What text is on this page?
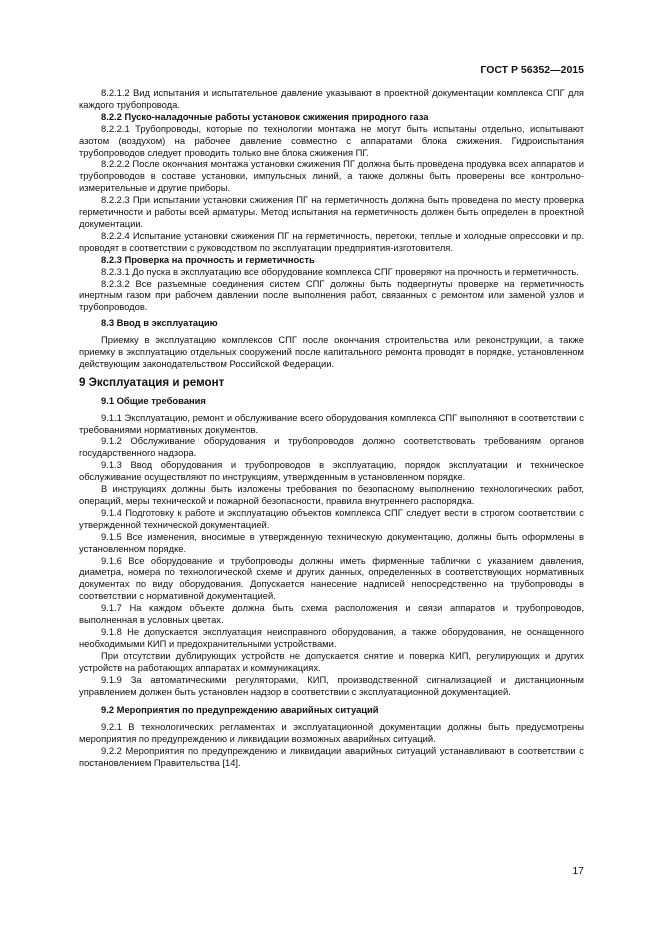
ГОСТ Р 56352—2015

8.2.1.2 Вид испытания и испытательное давление указывают в проектной документации комплекса СПГ для каждого трубопровода.

8.2.2 Пуско-наладочные работы установок сжижения природного газа

8.2.2.1 Трубопроводы, которые по технологии монтажа не могут быть испытаны отдельно, испытывают азотом (воздухом) на рабочее давление совместно с аппаратами блока сжижения. Гидроиспытания трубопроводов следует проводить только вне блока сжижения ПГ.

8.2.2.2 После окончания монтажа установки сжижения ПГ должна быть проведена продувка всех аппаратов и трубопроводов в составе установки, импульсных линий, а также должны быть проверены все контрольно-измерительные и другие приборы.

8.2.2.3 При испытании установки сжижения ПГ на герметичность должна быть проведена по месту проверка герметичности и работы всей арматуры. Метод испытания на герметичность должен быть определен в проектной документации.

8.2.2.4 Испытание установки сжижения ПГ на герметичность, перетоки, теплые и холодные опрессовки и пр. проводят в соответствии с руководством по эксплуатации предприятия-изготовителя.

8.2.3 Проверка на прочность и герметичность

8.2.3.1 До пуска в эксплуатацию все оборудование комплекса СПГ проверяют на прочность и герметичность.

8.2.3.2 Все разъемные соединения систем СПГ должны быть подвергнуты проверке на герметичность инертным газом при рабочем давлении после выполнения работ, связанных с ремонтом или заменой узлов и трубопроводов.

8.3 Ввод в эксплуатацию

Приемку в эксплуатацию комплексов СПГ после окончания строительства или реконструкции, а также приемку в эксплуатацию отдельных сооружений после капитального ремонта проводят в порядке, установленном действующим законодательством Российской Федерации.

9 Эксплуатация и ремонт

9.1 Общие требования

9.1.1 Эксплуатацию, ремонт и обслуживание всего оборудования комплекса СПГ выполняют в соответствии с требованиями нормативных документов.

9.1.2 Обслуживание оборудования и трубопроводов должно соответствовать требованиям органов государственного надзора.

9.1.3 Ввод оборудования и трубопроводов в эксплуатацию, порядок эксплуатации и техническое обслуживание осуществляют по инструкциям, утвержденным в установленном порядке.

В инструкциях должны быть изложены требования по безопасному выполнению технологических работ, операций, меры технической и пожарной безопасности, правила внутреннего распорядка.

9.1.4 Подготовку к работе и эксплуатацию объектов комплекса СПГ следует вести в строгом соответствии с утвержденной технической документацией.

9.1.5 Все изменения, вносимые в утвержденную техническую документацию, должны быть оформлены в установленном порядке.

9.1.6 Все оборудование и трубопроводы должны иметь фирменные таблички с указанием давления, диаметра, номера по технологической схеме и других данных, определенных в соответствующих нормативных документах по виду оборудования. Допускается нанесение надписей непосредственно на трубопроводы в соответствии с нормативной документацией.

9.1.7 На каждом объекте должна быть схема расположения и связи аппаратов и трубопроводов, выполненная в условных цветах.

9.1.8 Не допускается эксплуатация неисправного оборудования, а также оборудования, не оснащенного необходимыми КИП и предохранительными устройствами.

При отсутствии дублирующих устройств не допускается снятие и поверка КИП, регулирующих и других устройств на работающих аппаратах и коммуникациях.

9.1.9 За автоматическими регуляторами, КИП, производственной сигнализацией и дистанционным управлением должен быть установлен надзор в соответствии с эксплуатационной документацией.

9.2 Мероприятия по предупреждению аварийных ситуаций

9.2.1 В технологических регламентах и эксплуатационной документации должны быть предусмотрены мероприятия по предупреждению и ликвидации возможных аварийных ситуаций.

9.2.2 Мероприятия по предупреждению и ликвидации аварийных ситуаций устанавливают в соответствии с постановлением Правительства [14].

17
